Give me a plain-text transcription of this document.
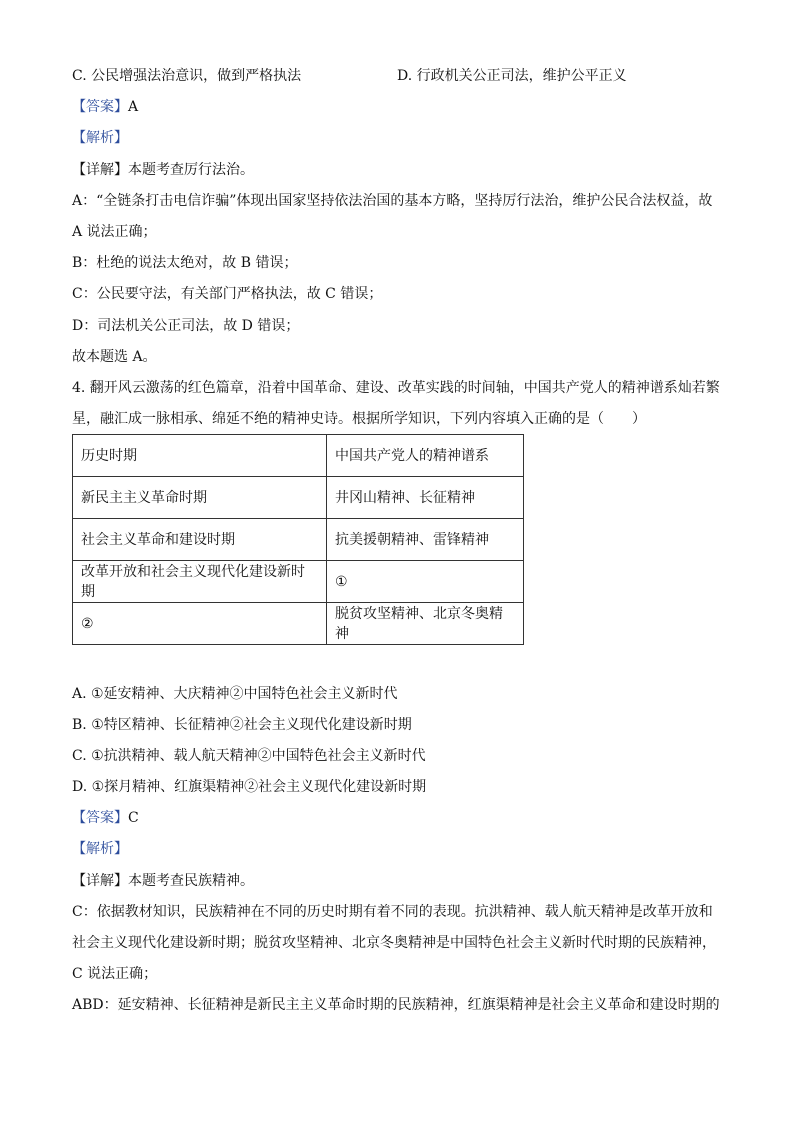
C. 公民增强法治意识，做到严格执法	D. 行政机关公正司法，维护公平正义
【答案】A
【解析】
【详解】本题考查厉行法治。
A：“全链条打击电信诈骗”体现出国家坚持依法治国的基本方略，坚持厉行法治，维护公民合法权益，故
A 说法正确；
B：杜绝的说法太绝对，故 B 错误；
C：公民要守法，有关部门严格执法，故 C 错误；
D：司法机关公正司法，故 D 错误；
故本题选 A。
4. 翻开风云激荡的红色篇章，沿着中国革命、建设、改革实践的时间轴，中国共产党人的精神谱系灿若繁
星，融汇成一脉相承、绵延不绝的精神史诗。根据所学知识，下列内容填入正确的是（　　）
历史时期	中国共产党人的精神谱系
新民主主义革命时期	井冈山精神、长征精神
社会主义革命和建设时期	抗美援朝精神、雷锋精神
改革开放和社会主义现代化建设新时期	①
②	脱贫攻坚精神、北京冬奥精神
A. ①延安精神、大庆精神②中国特色社会主义新时代
B. ①特区精神、长征精神②社会主义现代化建设新时期
C. ①抗洪精神、载人航天精神②中国特色社会主义新时代
D. ①探月精神、红旗渠精神②社会主义现代化建设新时期
【答案】C
【解析】
【详解】本题考查民族精神。
C：依据教材知识，民族精神在不同的历史时期有着不同的表现。抗洪精神、载人航天精神是改革开放和
社会主义现代化建设新时期；脱贫攻坚精神、北京冬奥精神是中国特色社会主义新时代时期的民族精神，
C 说法正确；
ABD：延安精神、长征精神是新民主主义革命时期的民族精神，红旗渠精神是社会主义革命和建设时期的
